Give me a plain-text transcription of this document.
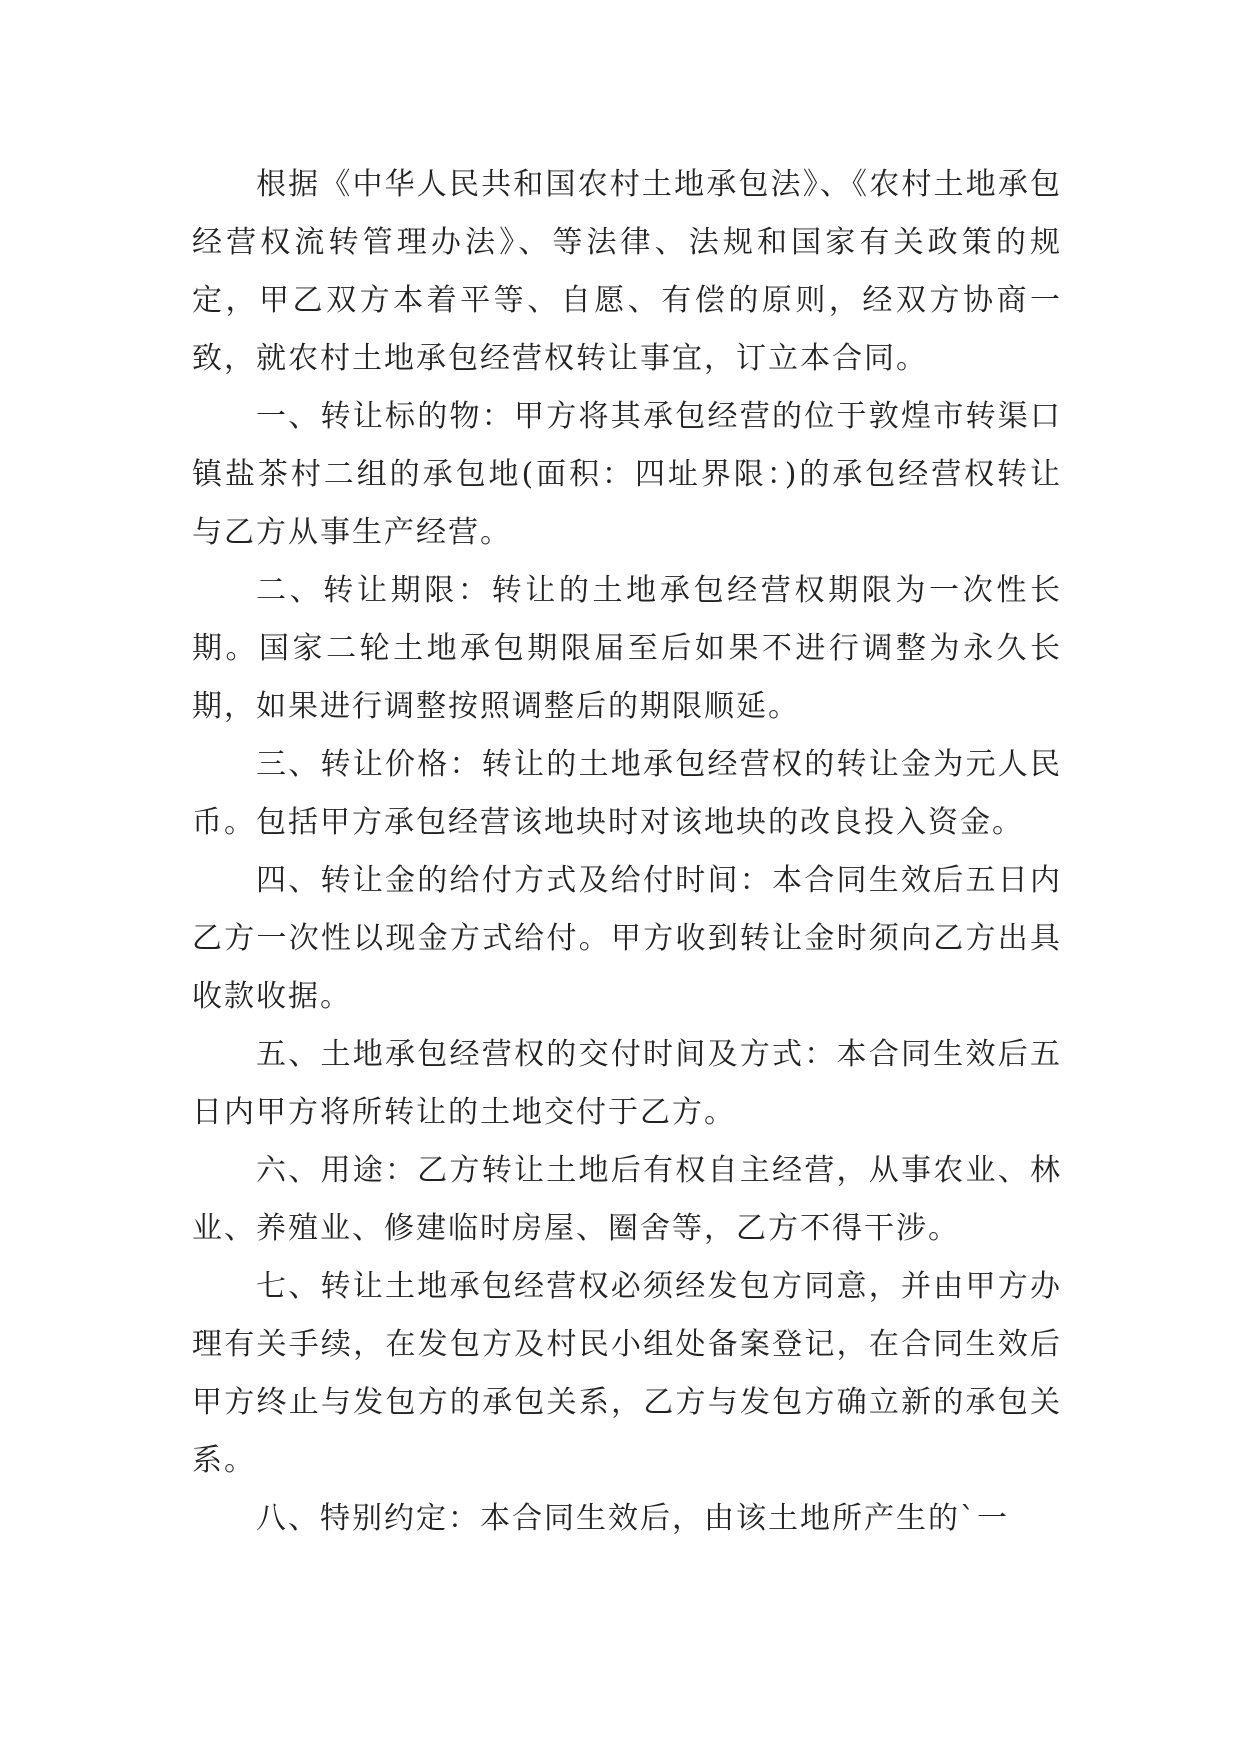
根据《中华人民共和国农村土地承包法》、《农村土地承包经营权流转管理办法》、等法律、法规和国家有关政策的规定，甲乙双方本着平等、自愿、有偿的原则，经双方协商一致，就农村土地承包经营权转让事宜，订立本合同。

一、转让标的物：甲方将其承包经营的位于敦煌市转渠口镇盐茶村二组的承包地(面积：四址界限：)的承包经营权转让与乙方从事生产经营。

二、转让期限：转让的土地承包经营权期限为一次性长期。国家二轮土地承包期限届至后如果不进行调整为永久长期，如果进行调整按照调整后的期限顺延。

三、转让价格：转让的土地承包经营权的转让金为元人民币。包括甲方承包经营该地块时对该地块的改良投入资金。

四、转让金的给付方式及给付时间：本合同生效后五日内乙方一次性以现金方式给付。甲方收到转让金时须向乙方出具收款收据。

五、土地承包经营权的交付时间及方式：本合同生效后五日内甲方将所转让的土地交付于乙方。

六、用途：乙方转让土地后有权自主经营，从事农业、林业、养殖业、修建临时房屋、圈舍等，乙方不得干涉。

七、转让土地承包经营权必须经发包方同意，并由甲方办理有关手续，在发包方及村民小组处备案登记，在合同生效后甲方终止与发包方的承包关系，乙方与发包方确立新的承包关系。

八、特别约定：本合同生效后，由该土地所产生的`一
